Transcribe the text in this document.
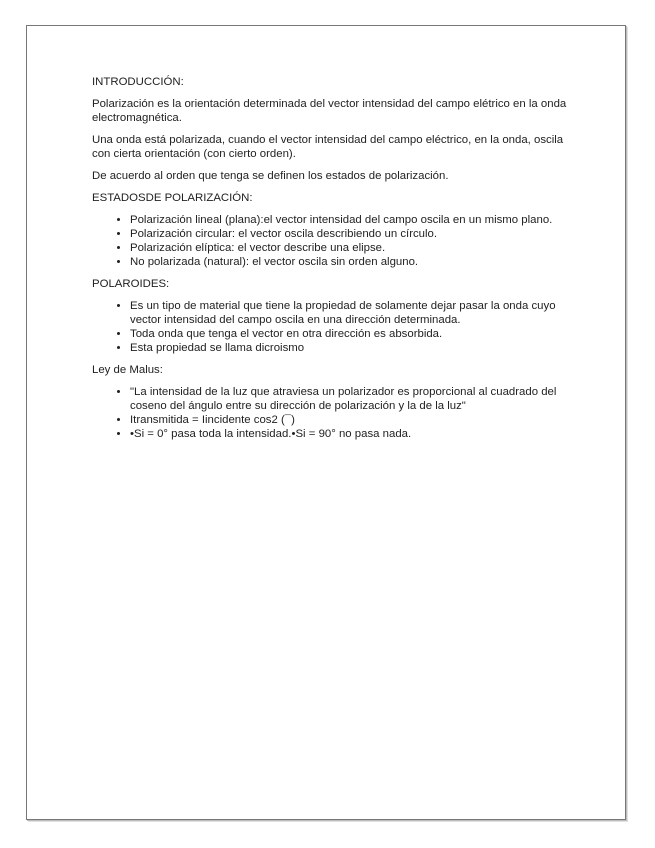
INTRODUCCIÓN:

Polarización es la orientación determinada del vector intensidad del campo elétrico en la onda electromagnética.

Una onda está polarizada, cuando el vector intensidad del campo eléctrico, en la onda, oscila con cierta orientación (con cierto orden).

De acuerdo al orden que tenga se definen los estados de polarización.

ESTADOSDE POLARIZACIÓN:

• Polarización lineal (plana):el vector intensidad del campo oscila en un mismo plano.
• Polarización circular: el vector oscila describiendo un círculo.
• Polarización elíptica: el vector describe una elipse.
• No polarizada (natural): el vector oscila sin orden alguno.

POLAROIDES:

• Es un tipo de material que tiene la propiedad de solamente dejar pasar la onda cuyo vector intensidad del campo oscila en una dirección determinada.
• Toda onda que tenga el vector en otra dirección es absorbida.
• Esta propiedad se llama dicroismo

Ley de Malus:

• "La intensidad de la luz que atraviesa un polarizador es proporcional al cuadrado del coseno del ángulo entre su dirección de polarización y la de la luz"
• Itransmitida = Iincidente cos2 (¯)
• •Si = 0° pasa toda la intensidad.•Si = 90° no pasa nada.
